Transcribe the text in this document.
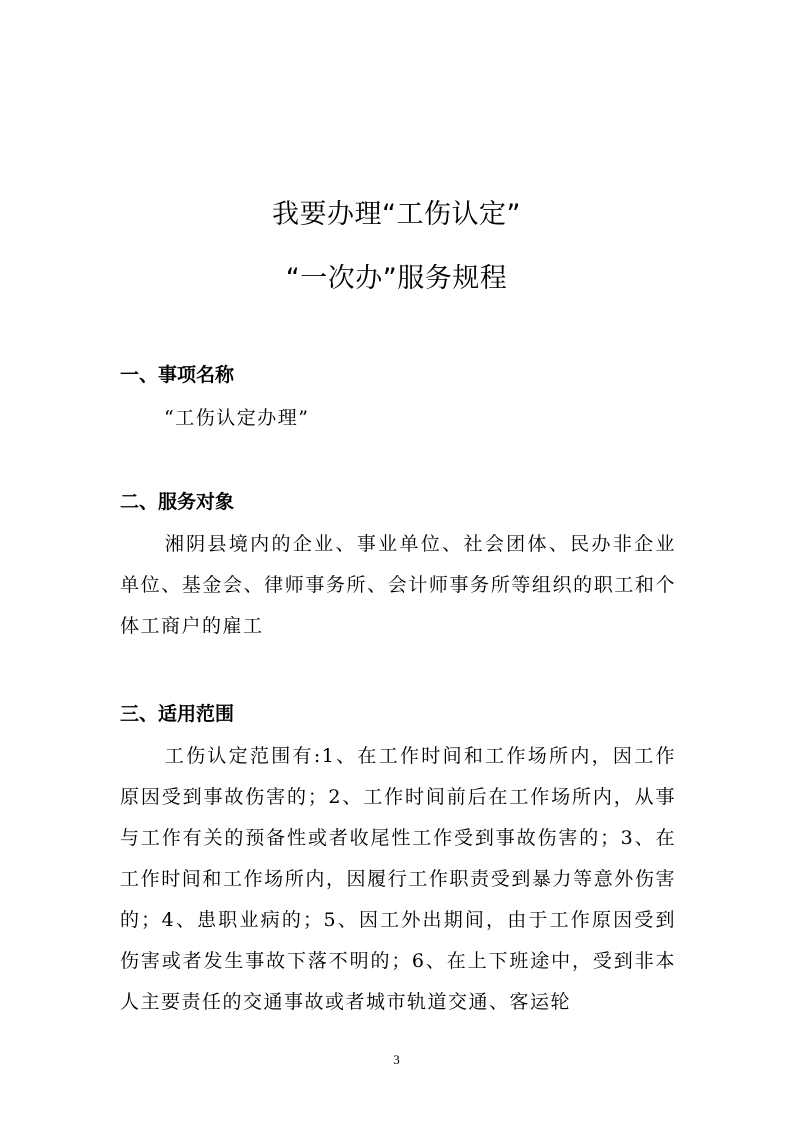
我要办理“工伤认定”
“一次办”服务规程
一、事项名称
“工伤认定办理”
二、服务对象
湘阴县境内的企业、事业单位、社会团体、民办非企业单位、基金会、律师事务所、会计师事务所等组织的职工和个体工商户的雇工
三、适用范围
工伤认定范围有:1、在工作时间和工作场所内，因工作原因受到事故伤害的；2、工作时间前后在工作场所内，从事与工作有关的预备性或者收尾性工作受到事故伤害的；3、在工作时间和工作场所内，因履行工作职责受到暴力等意外伤害的；4、患职业病的；5、因工外出期间，由于工作原因受到伤害或者发生事故下落不明的；6、在上下班途中，受到非本人主要责任的交通事故或者城市轨道交通、客运轮
3
